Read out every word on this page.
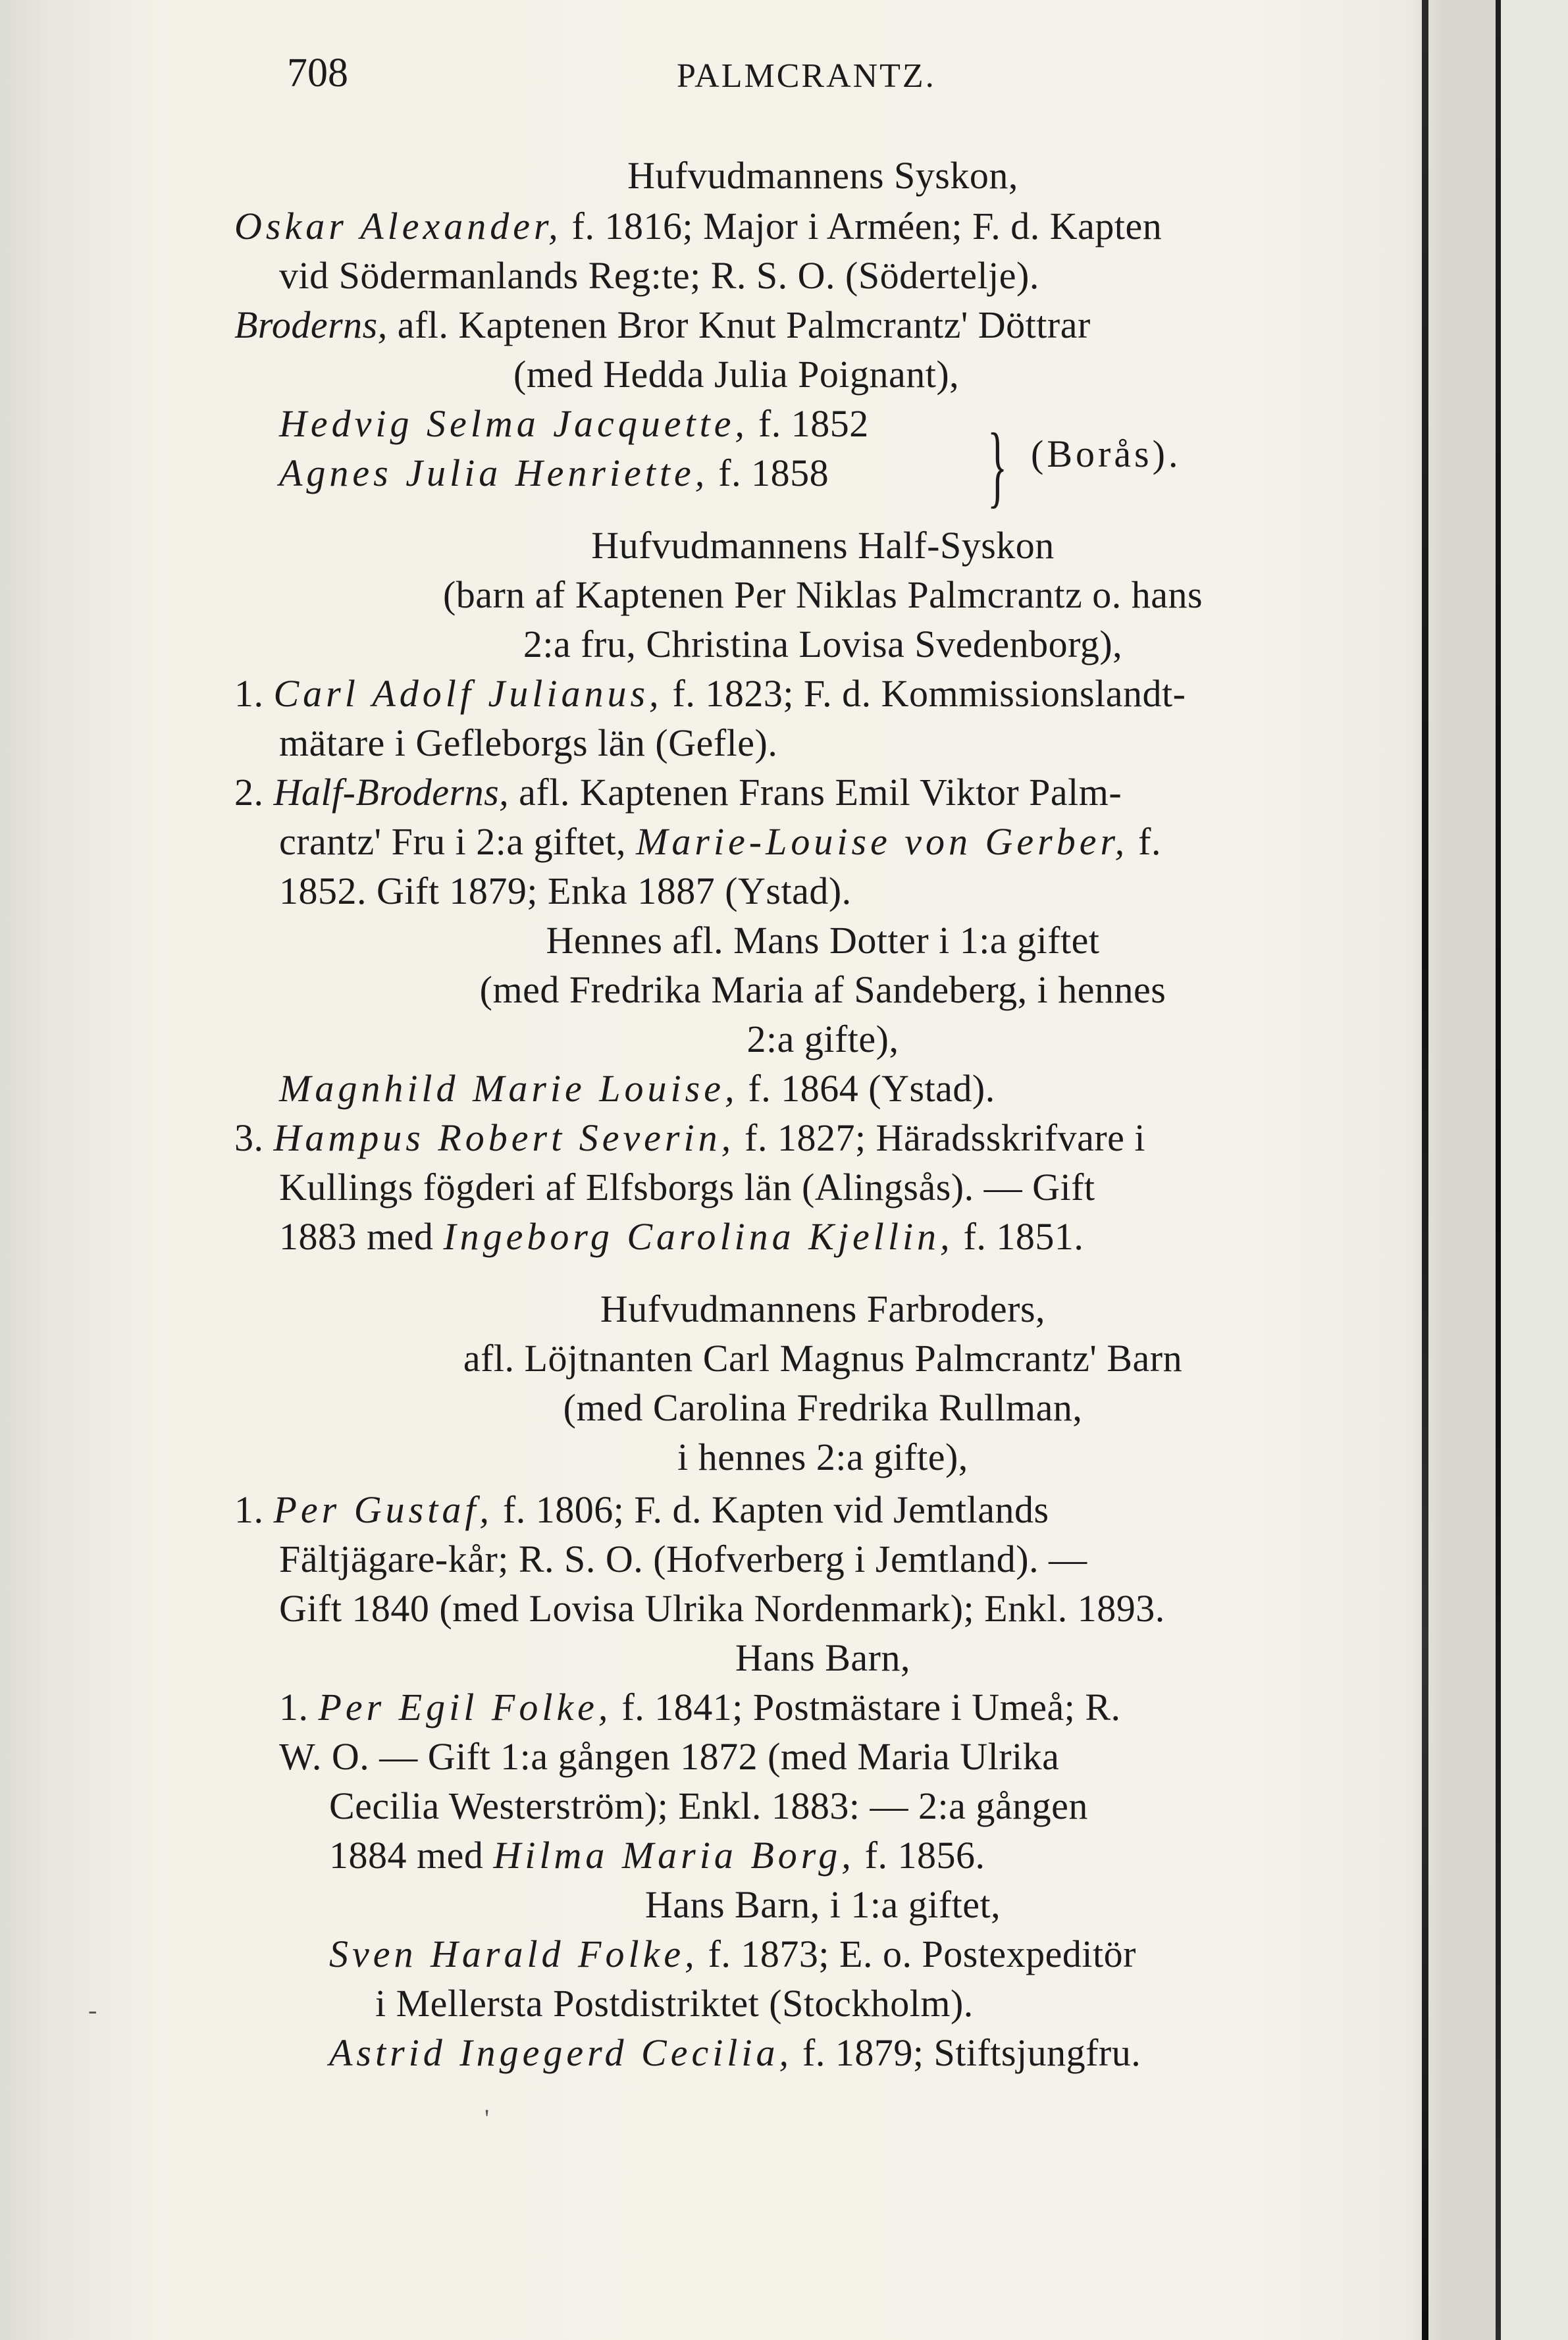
708	PALMCRANTZ.
Hufvudmannens Syskon,
Oskar Alexander, f. 1816; Major i Arméen; F. d. Kapten
vid Södermanlands Reg:te; R. S. O. (Södertelje).
Broderns, afl. Kaptenen Bror Knut Palmcrantz' Döttrar
(med Hedda Julia Poignant),
Hedvig Selma Jacquette, f. 1852
Agnes Julia Henriette, f. 1858 } (Borås).
Hufvudmannens Half-Syskon
(barn af Kaptenen Per Niklas Palmcrantz o. hans
2:a fru, Christina Lovisa Svedenborg),
1. Carl Adolf Julianus, f. 1823; F. d. Kommissionslandt-
mätare i Gefleborgs län (Gefle).
2. Half-Broderns, afl. Kaptenen Frans Emil Viktor Palm-
crantz' Fru i 2:a giftet, Marie-Louise von Gerber, f.
1852. Gift 1879; Enka 1887 (Ystad).
Hennes afl. Mans Dotter i 1:a giftet
(med Fredrika Maria af Sandeberg, i hennes
2:a gifte),
Magnhild Marie Louise, f. 1864 (Ystad).
3. Hampus Robert Severin, f. 1827; Häradsskrifvare i
Kullings fögderi af Elfsborgs län (Alingsås). — Gift
1883 med Ingeborg Carolina Kjellin, f. 1851.
Hufvudmannens Farbroders,
afl. Löjtnanten Carl Magnus Palmcrantz' Barn
(med Carolina Fredrika Rullman,
i hennes 2:a gifte),
1. Per Gustaf, f. 1806; F. d. Kapten vid Jemtlands
Fältjägare-kår; R. S. O. (Hofverberg i Jemtland). —
Gift 1840 (med Lovisa Ulrika Nordenmark); Enkl. 1893.
Hans Barn,
1. Per Egil Folke, f. 1841; Postmästare i Umeå; R.
W. O. — Gift 1:a gången 1872 (med Maria Ulrika
Cecilia Westerström); Enkl. 1883: — 2:a gången
1884 med Hilma Maria Borg, f. 1856.
Hans Barn, i 1:a giftet,
Sven Harald Folke, f. 1873; E. o. Postexpeditör
i Mellersta Postdistriktet (Stockholm).
Astrid Ingegerd Cecilia, f. 1879; Stiftsjungfru.
-
'
